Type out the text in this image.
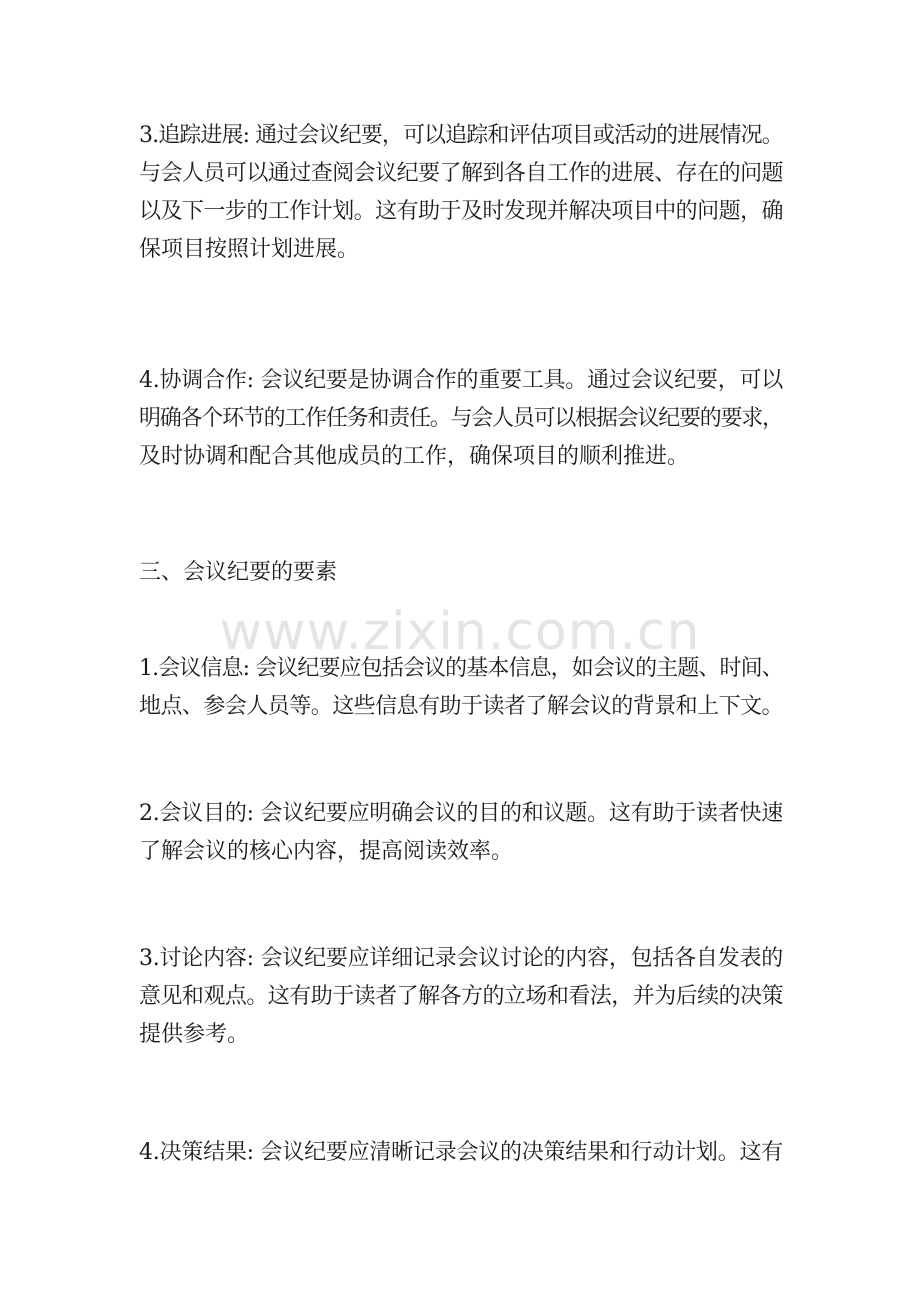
www.zixin.com.cn

3.追踪进展: 通过会议纪要，可以追踪和评估项目或活动的进展情况。
与会人员可以通过查阅会议纪要了解到各自工作的进展、存在的问题
以及下一步的工作计划。这有助于及时发现并解决项目中的问题，确
保项目按照计划进展。

4.协调合作: 会议纪要是协调合作的重要工具。通过会议纪要，可以
明确各个环节的工作任务和责任。与会人员可以根据会议纪要的要求，
及时协调和配合其他成员的工作，确保项目的顺利推进。

三、会议纪要的要素

1.会议信息: 会议纪要应包括会议的基本信息，如会议的主题、时间、
地点、参会人员等。这些信息有助于读者了解会议的背景和上下文。

2.会议目的: 会议纪要应明确会议的目的和议题。这有助于读者快速
了解会议的核心内容，提高阅读效率。

3.讨论内容: 会议纪要应详细记录会议讨论的内容，包括各自发表的
意见和观点。这有助于读者了解各方的立场和看法，并为后续的决策
提供参考。

4.决策结果: 会议纪要应清晰记录会议的决策结果和行动计划。这有
